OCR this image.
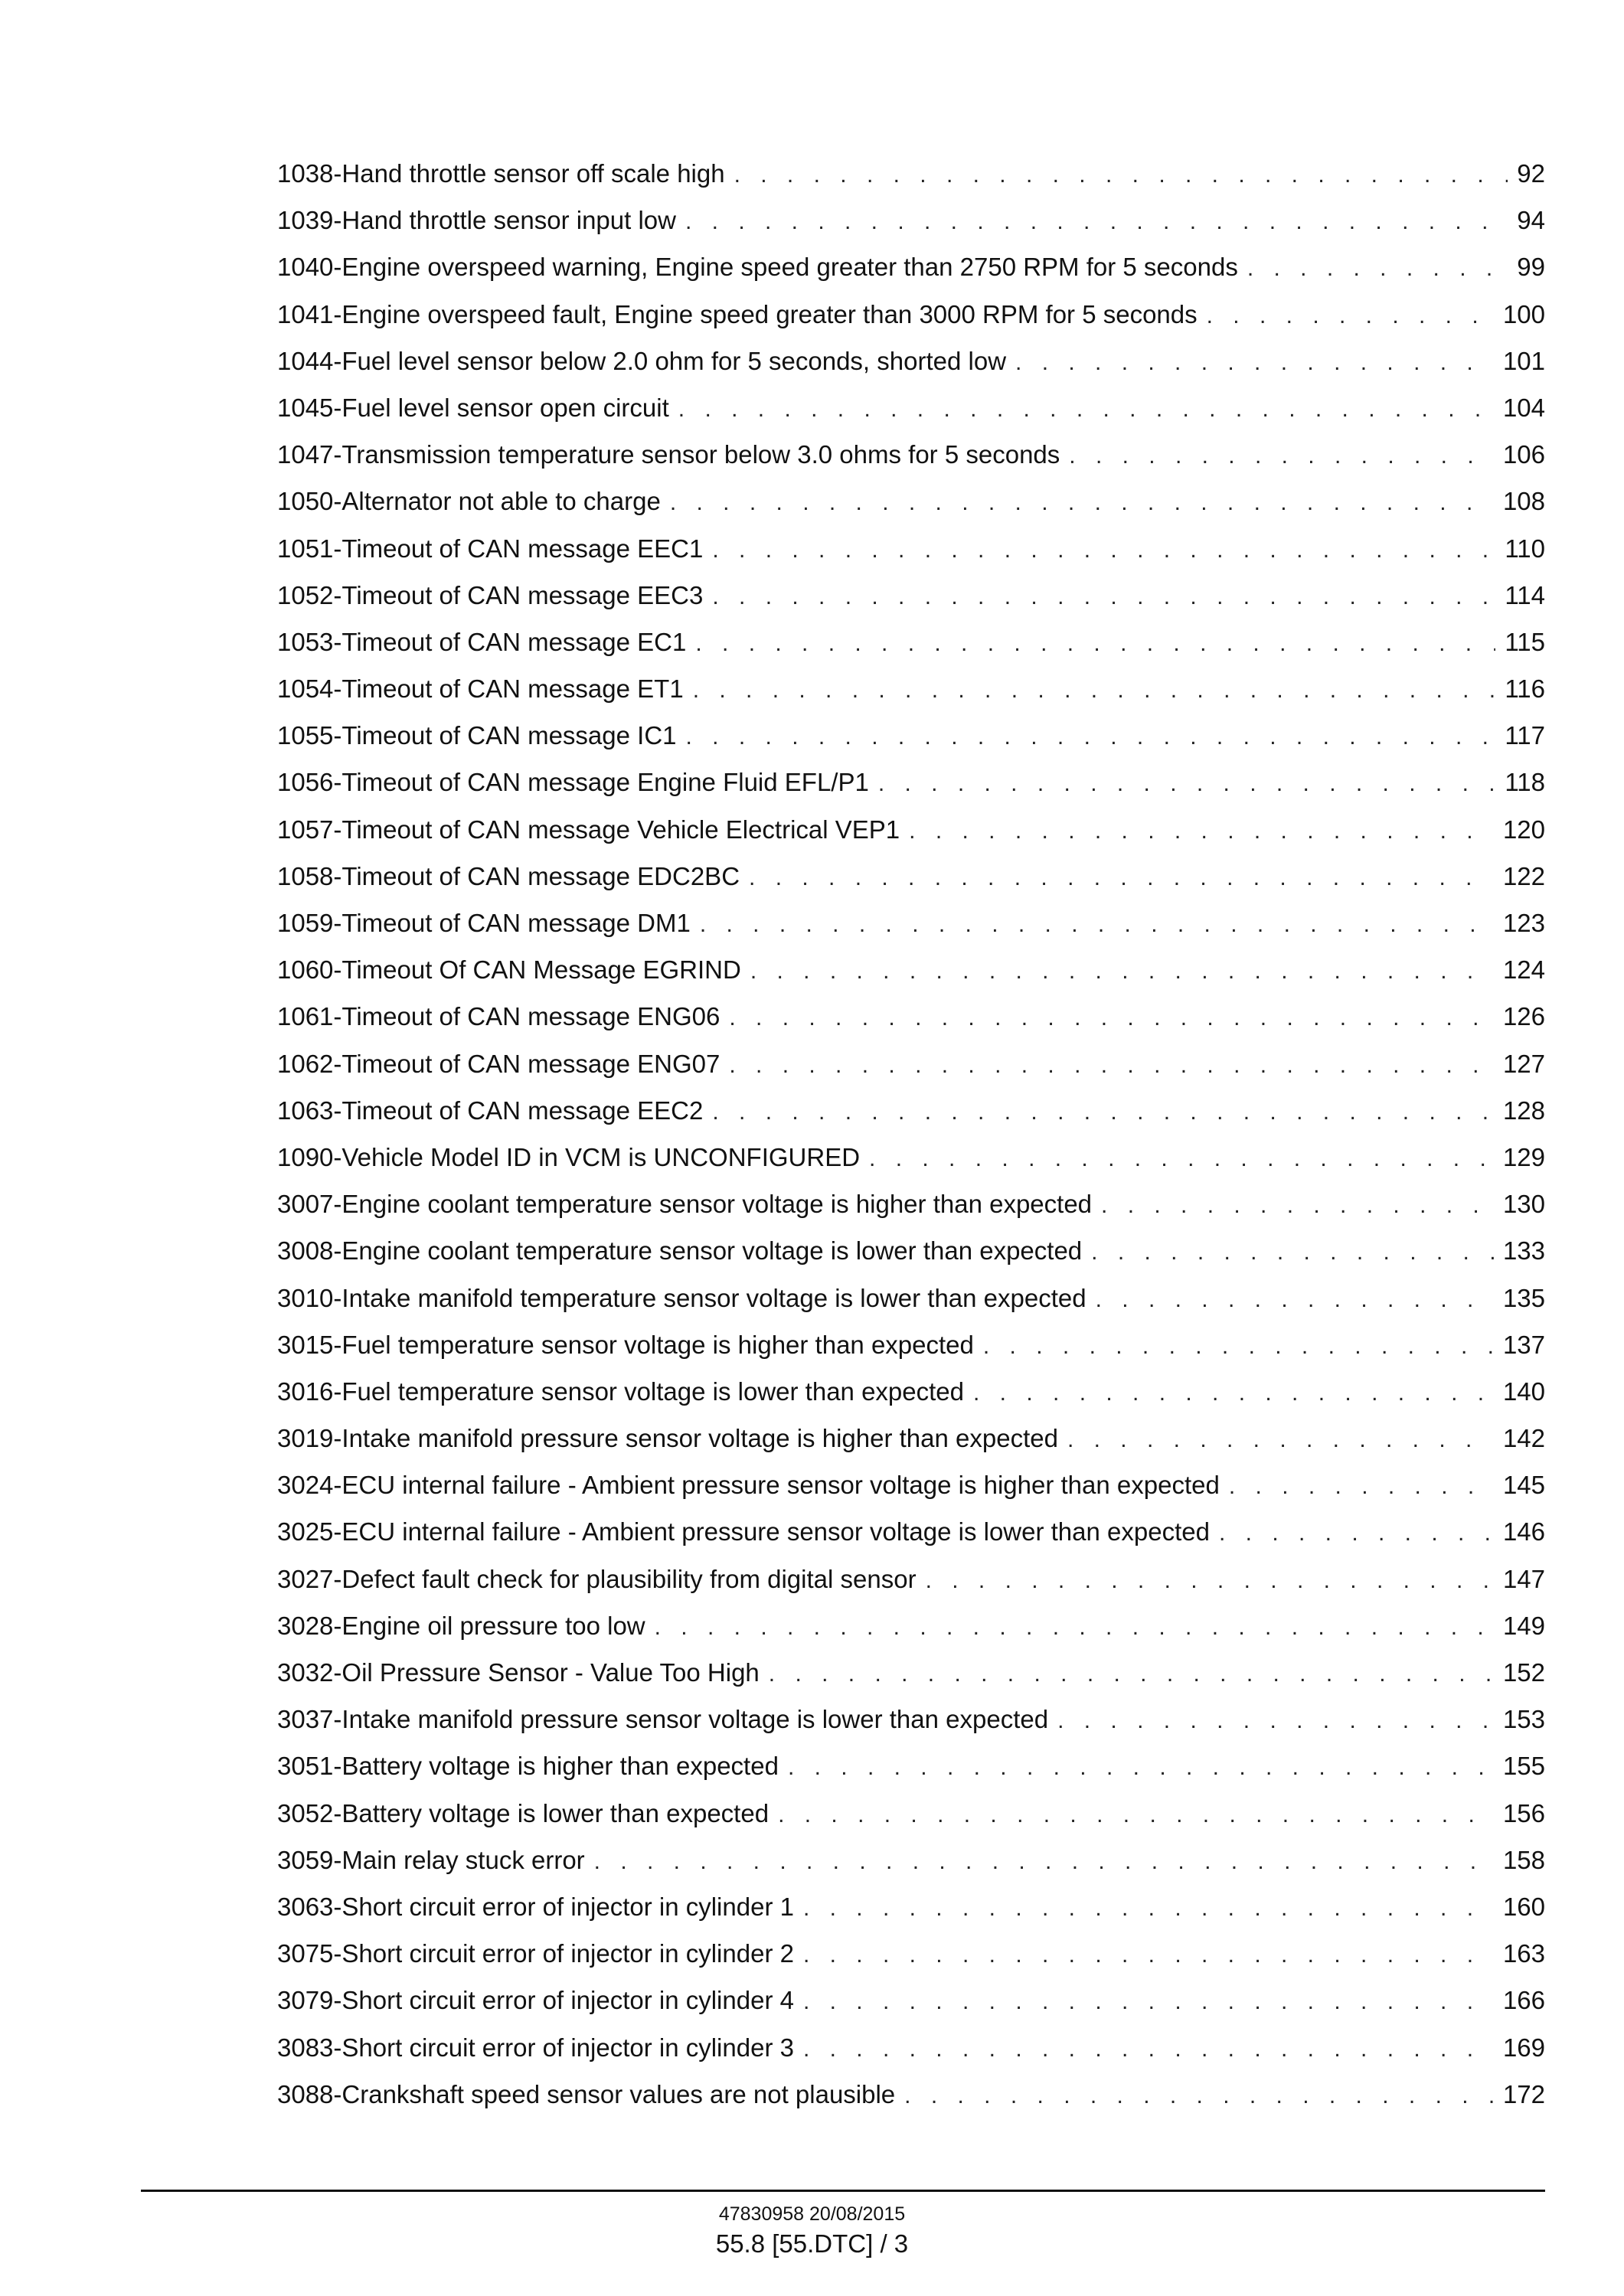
1038-Hand throttle sensor off scale high . . .	92
1039-Hand throttle sensor input low . . .	94
1040-Engine overspeed warning, Engine speed greater than 2750 RPM for 5 seconds . . .	99
1041-Engine overspeed fault, Engine speed greater than 3000 RPM for 5 seconds . . .	100
1044-Fuel level sensor below 2.0 ohm for 5 seconds, shorted low . . .	101
1045-Fuel level sensor open circuit . . .	104
1047-Transmission temperature sensor below 3.0 ohms for 5 seconds . . .	106
1050-Alternator not able to charge . . .	108
1051-Timeout of CAN message EEC1 . . .	110
1052-Timeout of CAN message EEC3 . . .	114
1053-Timeout of CAN message EC1 . . .	115
1054-Timeout of CAN message ET1 . . .	116
1055-Timeout of CAN message IC1 . . .	117
1056-Timeout of CAN message Engine Fluid EFL/P1 . . .	118
1057-Timeout of CAN message Vehicle Electrical VEP1 . . .	120
1058-Timeout of CAN message EDC2BC . . .	122
1059-Timeout of CAN message DM1 . . .	123
1060-Timeout Of CAN Message EGRIND . . .	124
1061-Timeout of CAN message ENG06 . . .	126
1062-Timeout of CAN message ENG07 . . .	127
1063-Timeout of CAN message EEC2 . . .	128
1090-Vehicle Model ID in VCM is UNCONFIGURED . . .	129
3007-Engine coolant temperature sensor voltage is higher than expected . . .	130
3008-Engine coolant temperature sensor voltage is lower than expected . . .	133
3010-Intake manifold temperature sensor voltage is lower than expected . . .	135
3015-Fuel temperature sensor voltage is higher than expected . . .	137
3016-Fuel temperature sensor voltage is lower than expected . . .	140
3019-Intake manifold pressure sensor voltage is higher than expected . . .	142
3024-ECU internal failure - Ambient pressure sensor voltage is higher than expected . . .	145
3025-ECU internal failure - Ambient pressure sensor voltage is lower than expected . . .	146
3027-Defect fault check for plausibility from digital sensor . . .	147
3028-Engine oil pressure too low . . .	149
3032-Oil Pressure Sensor - Value Too High . . .	152
3037-Intake manifold pressure sensor voltage is lower than expected . . .	153
3051-Battery voltage is higher than expected . . .	155
3052-Battery voltage is lower than expected . . .	156
3059-Main relay stuck error . . .	158
3063-Short circuit error of injector in cylinder 1 . . .	160
3075-Short circuit error of injector in cylinder 2 . . .	163
3079-Short circuit error of injector in cylinder 4 . . .	166
3083-Short circuit error of injector in cylinder 3 . . .	169
3088-Crankshaft speed sensor values are not plausible . . .	172
47830958 20/08/2015
55.8 [55.DTC] / 3
